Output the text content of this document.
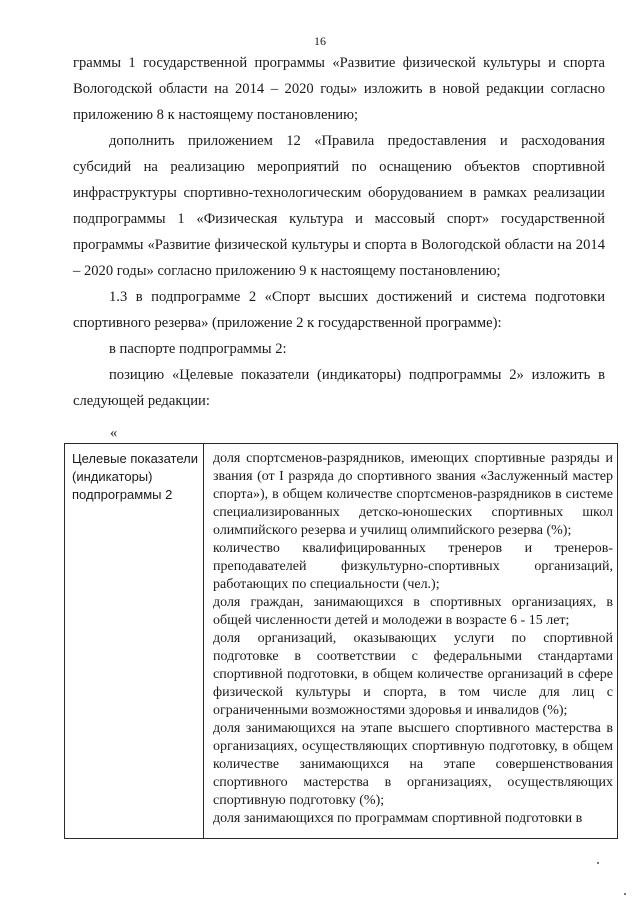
16

граммы 1 государственной программы «Развитие физической культуры и спорта Вологодской области на 2014 – 2020 годы» изложить в новой редакции согласно приложению 8 к настоящему постановлению;

дополнить приложением 12 «Правила предоставления и расходования субсидий на реализацию мероприятий по оснащению объектов спортивной инфраструктуры спортивно-технологическим оборудованием в рамках реализации подпрограммы 1 «Физическая культура и массовый спорт» государственной программы «Развитие физической культуры и спорта в Вологодской области на 2014 – 2020 годы» согласно приложению 9 к настоящему постановлению;

1.3 в подпрограмме 2 «Спорт высших достижений и система подготовки спортивного резерва» (приложение 2 к государственной программе):

в паспорте подпрограммы 2:

позицию «Целевые показатели (индикаторы) подпрограммы 2» изложить в следующей редакции:

«
Целевые показатели (индикаторы) подпрограммы 2

доля спортсменов-разрядников, имеющих спортивные разряды и звания (от I разряда до спортивного звания «Заслуженный мастер спорта»), в общем количестве спортсменов-разрядников в системе специализированных детско-юношеских спортивных школ олимпийского резерва и училищ олимпийского резерва (%);

количество квалифицированных тренеров и тренеров-преподавателей физкультурно-спортивных организаций, работающих по специальности (чел.);

доля граждан, занимающихся в спортивных организациях, в общей численности детей и молодежи в возрасте 6 - 15 лет;

доля организаций, оказывающих услуги по спортивной подготовке в соответствии с федеральными стандартами спортивной подготовки, в общем количестве организаций в сфере физической культуры и спорта, в том числе для лиц с ограниченными возможностями здоровья и инвалидов (%);

доля занимающихся на этапе высшего спортивного мастерства в организациях, осуществляющих спортивную подготовку, в общем количестве занимающихся на этапе совершенствования спортивного мастерства в организациях, осуществляющих спортивную подготовку (%);

доля занимающихся по программам спортивной подготовки в
